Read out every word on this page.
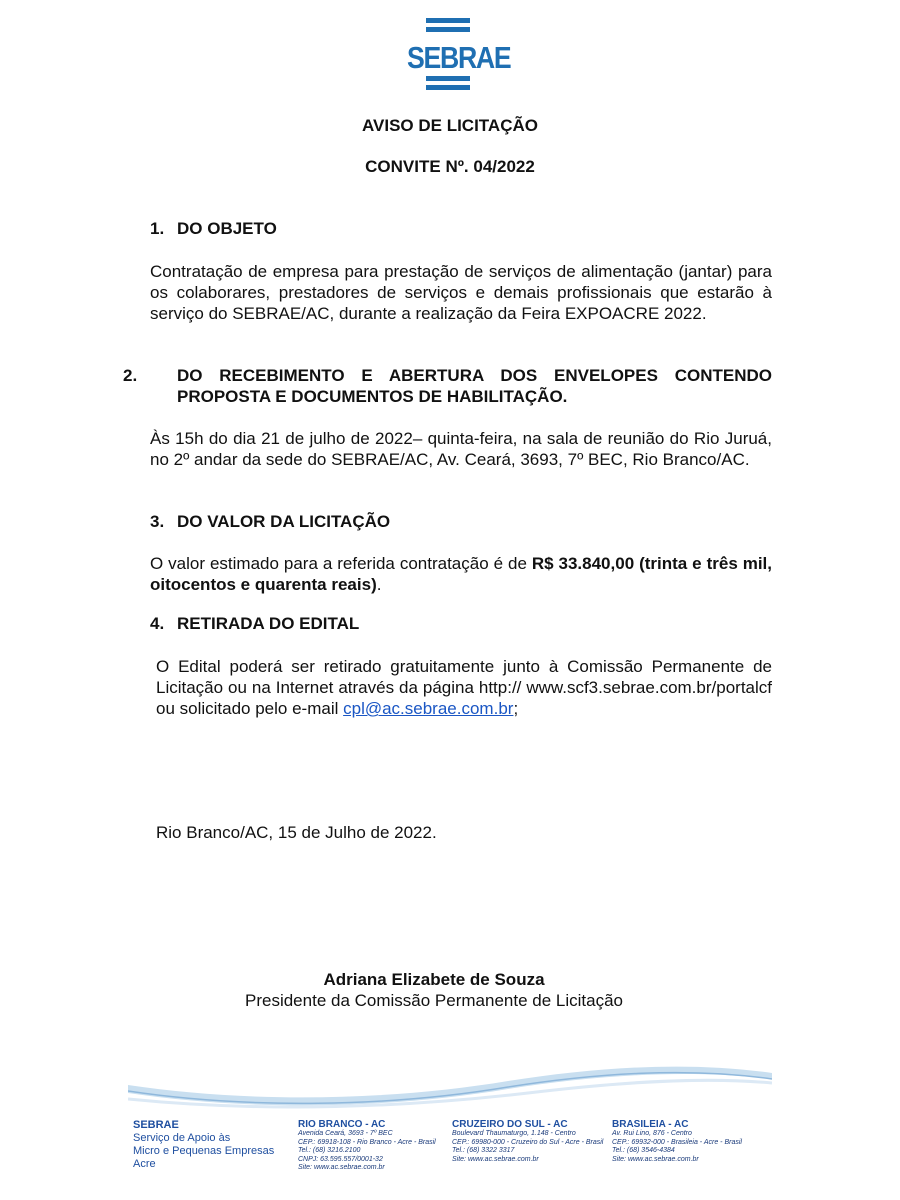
SEBRAE
AVISO DE LICITAÇÃO
CONVITE Nº. 04/2022
1. DO OBJETO
Contratação de empresa para prestação de serviços de alimentação (jantar) para os colaborares, prestadores de serviços e demais profissionais que estarão à serviço do SEBRAE/AC, durante a realização da Feira EXPOACRE 2022.
2. DO RECEBIMENTO E ABERTURA DOS ENVELOPES CONTENDO PROPOSTA E DOCUMENTOS DE HABILITAÇÃO.
Às 15h do dia 21 de julho de 2022– quinta-feira, na sala de reunião do Rio Juruá, no 2º andar da sede do SEBRAE/AC, Av. Ceará, 3693, 7º BEC, Rio Branco/AC.
3. DO VALOR DA LICITAÇÃO
O valor estimado para a referida contratação é de R$ 33.840,00 (trinta e três mil, oitocentos e quarenta reais).
4. RETIRADA DO EDITAL
O Edital poderá ser retirado gratuitamente junto à Comissão Permanente de Licitação ou na Internet através da página http:// www.scf3.sebrae.com.br/portalcf ou solicitado pelo e-mail cpl@ac.sebrae.com.br;
Rio Branco/AC, 15 de Julho de 2022.
Adriana Elizabete de Souza
Presidente da Comissão Permanente de Licitação
SEBRAE
Serviço de Apoio às
Micro e Pequenas Empresas
Acre
RIO BRANCO - AC
Avenida Ceará, 3693 - 7º BEC
CEP.: 69918-108 - Rio Branco - Acre - Brasil
Tel.: (68) 3216.2100
CNPJ: 63.595.557/0001-32
Site: www.ac.sebrae.com.br
CRUZEIRO DO SUL - AC
Boulevard Thaumaturgo, 1.148 - Centro
CEP.: 69980-000 - Cruzeiro do Sul - Acre - Brasil
Tel.: (68) 3322 3317
Site: www.ac.sebrae.com.br
BRASILEIA - AC
Av. Rui Lino, 876 - Centro
CEP.: 69932-000 - Brasileia - Acre - Brasil
Tel.: (68) 3546-4384
Site: www.ac.sebrae.com.br
